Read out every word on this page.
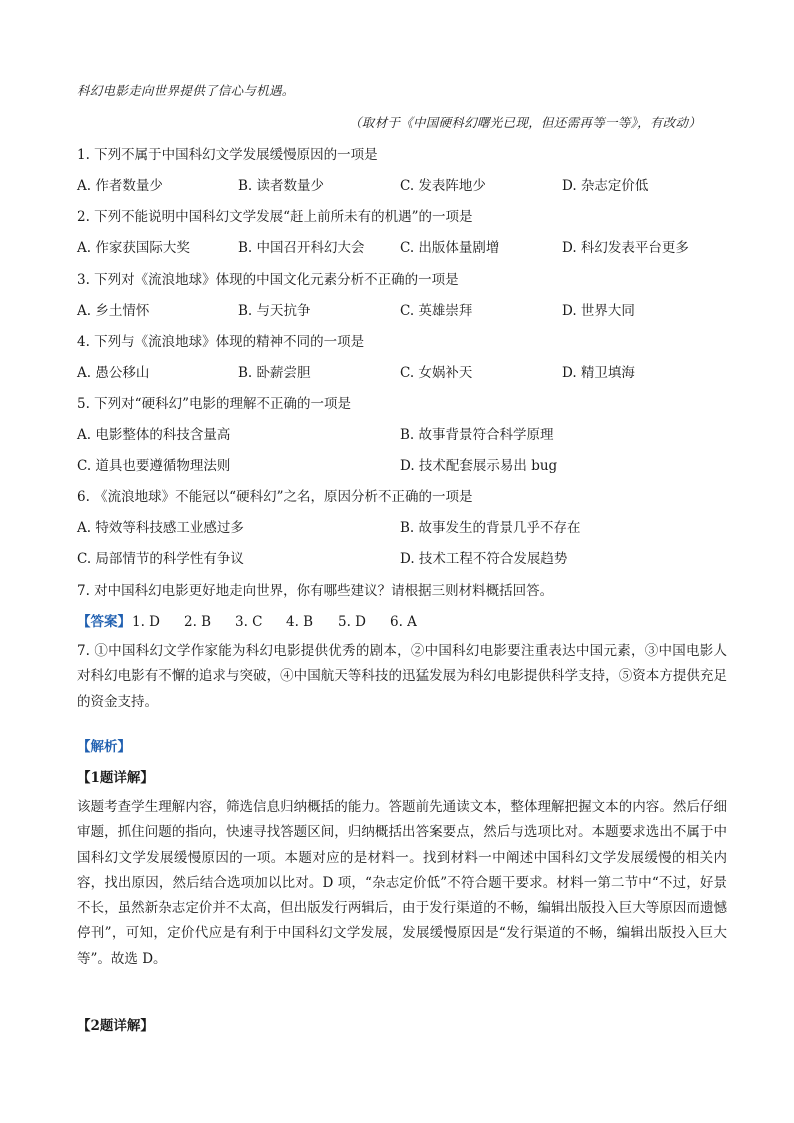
科幻电影走向世界提供了信心与机遇。
（取材于《中国硬科幻曙光已现，但还需再等一等》，有改动）
1. 下列不属于中国科幻文学发展缓慢原因的一项是
A. 作者数量少	B. 读者数量少	C. 发表阵地少	D. 杂志定价低
2. 下列不能说明中国科幻文学发展“赶上前所未有的机遇”的一项是
A. 作家获国际大奖	B. 中国召开科幻大会	C. 出版体量剧增	D. 科幻发表平台更多
3. 下列对《流浪地球》体现的中国文化元素分析不正确的一项是
A. 乡土情怀	B. 与天抗争	C. 英雄崇拜	D. 世界大同
4. 下列与《流浪地球》体现的精神不同的一项是
A. 愚公移山	B. 卧薪尝胆	C. 女娲补天	D. 精卫填海
5. 下列对“硬科幻”电影的理解不正确的一项是
A. 电影整体的科技含量高	B. 故事背景符合科学原理
C. 道具也要遵循物理法则	D. 技术配套展示易出 bug
6. 《流浪地球》不能冠以“硬科幻”之名，原因分析不正确的一项是
A. 特效等科技感工业感过多	B. 故事发生的背景几乎不存在
C. 局部情节的科学性有争议	D. 技术工程不符合发展趋势
7. 对中国科幻电影更好地走向世界，你有哪些建议？请根据三则材料概括回答。
【答案】 1. D 2. B 3. C 4. B 5. D 6. A
7. ①中国科幻文学作家能为科幻电影提供优秀的剧本，②中国科幻电影要注重表达中国元素，③中国电影人对科幻电影有不懈的追求与突破，④中国航天等科技的迅猛发展为科幻电影提供科学支持，⑤资本方提供充足的资金支持。
【解析】
【1题详解】
该题考查学生理解内容，筛选信息归纳概括的能力。答题前先通读文本，整体理解把握文本的内容。然后仔细审题，抓住问题的指向，快速寻找答题区间，归纳概括出答案要点，然后与选项比对。本题要求选出不属于中国科幻文学发展缓慢原因的一项。本题对应的是材料一。找到材料一中阐述中国科幻文学发展缓慢的相关内容，找出原因，然后结合选项加以比对。D 项，“杂志定价低”不符合题干要求。材料一第二节中“不过，好景不长，虽然新杂志定价并不太高，但出版发行两辑后，由于发行渠道的不畅，编辑出版投入巨大等原因而遗憾停刊”，可知，定价代应是有利于中国科幻文学发展，发展缓慢原因是“发行渠道的不畅，编辑出版投入巨大等”。故选 D。
【2题详解】
